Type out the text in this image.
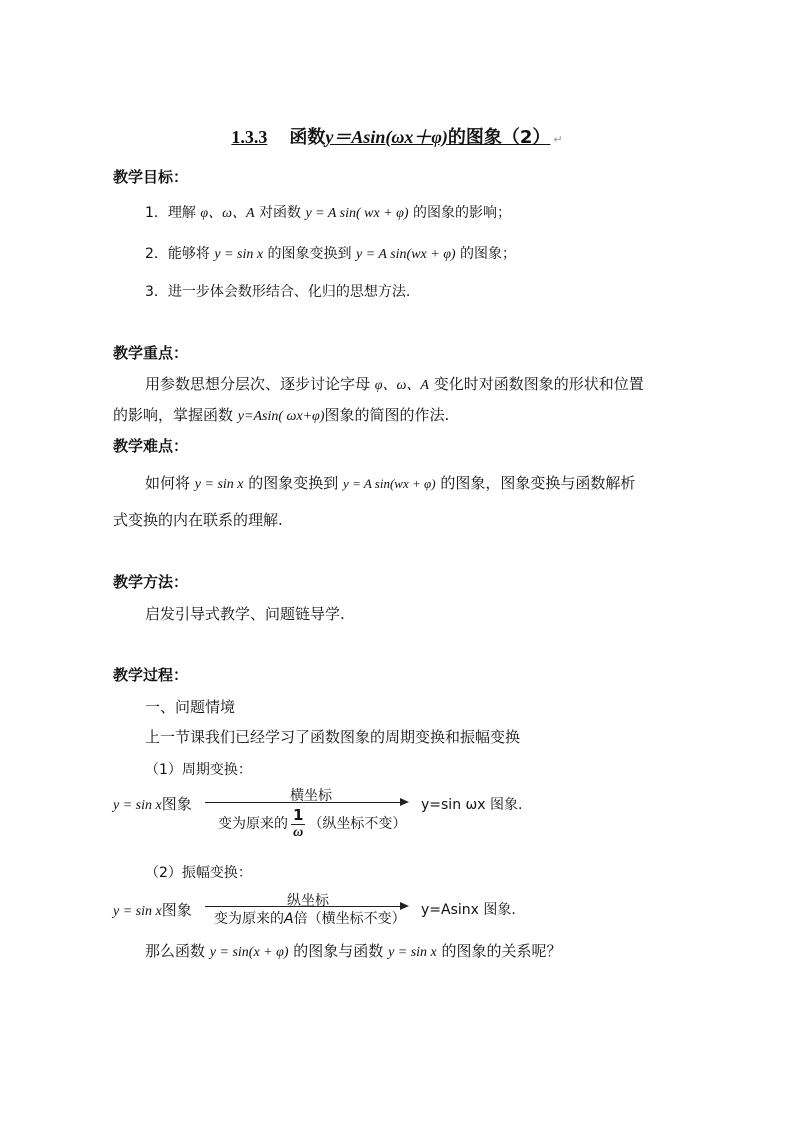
1.3.3 函数y＝Asin(ωx＋φ)的图象（2） ↵
教学目标：
1．理解 φ、ω、A 对函数 y = A sin( wx + φ) 的图象的影响；
2．能够将 y = sin x 的图象变换到 y = A sin(wx + φ) 的图象；
3．进一步体会数形结合、化归的思想方法.
教学重点：
用参数思想分层次、逐步讨论字母 φ、ω、A 变化时对函数图象的形状和位置
的影响，掌握函数 y=Asin( ωx+φ)图象的简图的作法.
教学难点：
如何将 y = sin x 的图象变换到 y = A sin(wx + φ) 的图象，图象变换与函数解析
式变换的内在联系的理解.
教学方法：
启发引导式教学、问题链导学.
教学过程：
一、问题情境
上一节课我们已经学习了函数图象的周期变换和振幅变换
（1）周期变换：
y = sin x图象	横坐标
变为原来的 $\frac{1}{\omega}$ （纵坐标不变）
y=sin ωx 图象.
（2）振幅变换：
y = sin x图象	纵坐标
变为原来的A倍（横坐标不变）
y=Asinx 图象.
那么函数 y = sin(x + φ) 的图象与函数 y = sin x 的图象的关系呢？
